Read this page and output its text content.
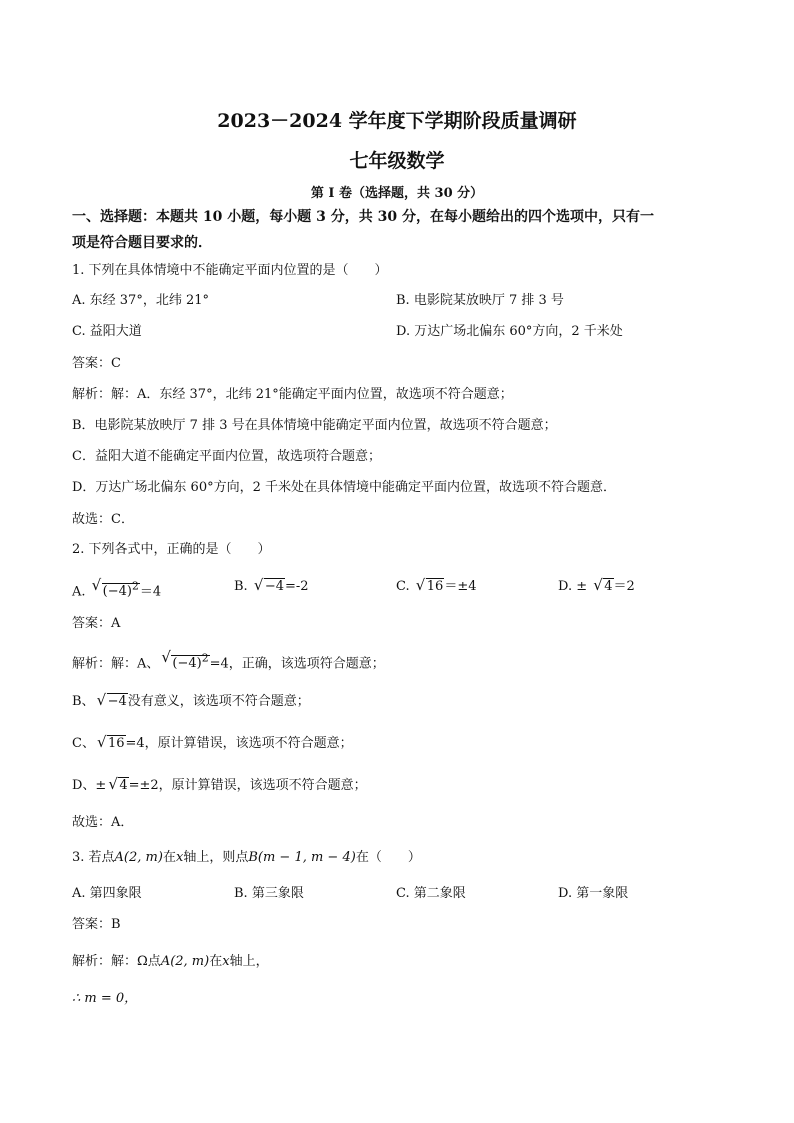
2023－2024 学年度下学期阶段质量调研
七年级数学
第 I 卷（选择题，共 30 分）
一、选择题：本题共 10 小题，每小题 3 分，共 30 分，在每小题给出的四个选项中，只有一
项是符合题目要求的．
1. 下列在具体情境中不能确定平面内位置的是（　　）
A. 东经 37°，北纬 21°	B. 电影院某放映厅 7 排 3 号
C. 益阳大道	D. 万达广场北偏东 60°方向，2 千米处
答案：C
解析：解：A．东经 37°，北纬 21°能确定平面内位置，故选项不符合题意；
B．电影院某放映厅 7 排 3 号在具体情境中能确定平面内位置，故选项不符合题意；
C．益阳大道不能确定平面内位置，故选项符合题意；
D．万达广场北偏东 60°方向，2 千米处在具体情境中能确定平面内位置，故选项不符合题意．
故选：C．
2. 下列各式中，正确的是（　　）
A. √ $(-4)^2=4$	B. √ −4=-2	C. √ 16＝±4	D. ± √ 4＝2
答案：A
解析：解：A、 √ $(-4)^2=4$，正确，该选项符合题意；
B、 √ −4没有意义，该选项不符合题意；
C、 √ 16=4，原计算错误，该选项不符合题意；
D、± √ 4=±2，原计算错误，该选项不符合题意；
故选：A．
3. 若点A(2, m)在x轴上，则点B(m − 1, m − 4)在（　　）
A. 第四象限	B. 第三象限	C. 第二象限	D. 第一象限
答案：B
解析：解：Ω点A(2, m)在x轴上，
∴ m = 0，
